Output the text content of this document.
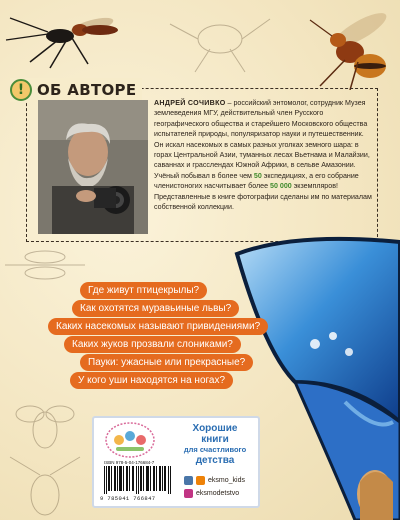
! ОБ АВТОРЕ
АНДРЕЙ СОЧИВКО – российский энтомолог, сотрудник Музея землеведения МГУ, действительный член Русского географического общества и старейшего Московского общества испытателей природы, популяризатор науки и путешественник. Он искал насекомых в самых разных уголках земного шара: в горах Центральной Азии, туманных лесах Вьетнама и Малайзии, саваннах и грасслендах Южной Африки, в сельве Амазонии. Учёный побывал в более чем 50 экспедициях, а его собрание членистоногих насчитывает более 50 000 экземпляров! Представленные в книге фотографии сделаны им по материалам собственной коллекции.
Где живут птицекрылы?
Как охотятся муравьиные львы?
Каких насекомых называют привидениями?
Каких жуков прозвали слониками?
Пауки: ужасные или прекрасные?
У кого уши находятся на ногах?
Хорошие
книги
для счастливого
детства
eksmo_kids
eksmodetstvo
ISBN 978-5-04-176684-7
9 785041 766847
